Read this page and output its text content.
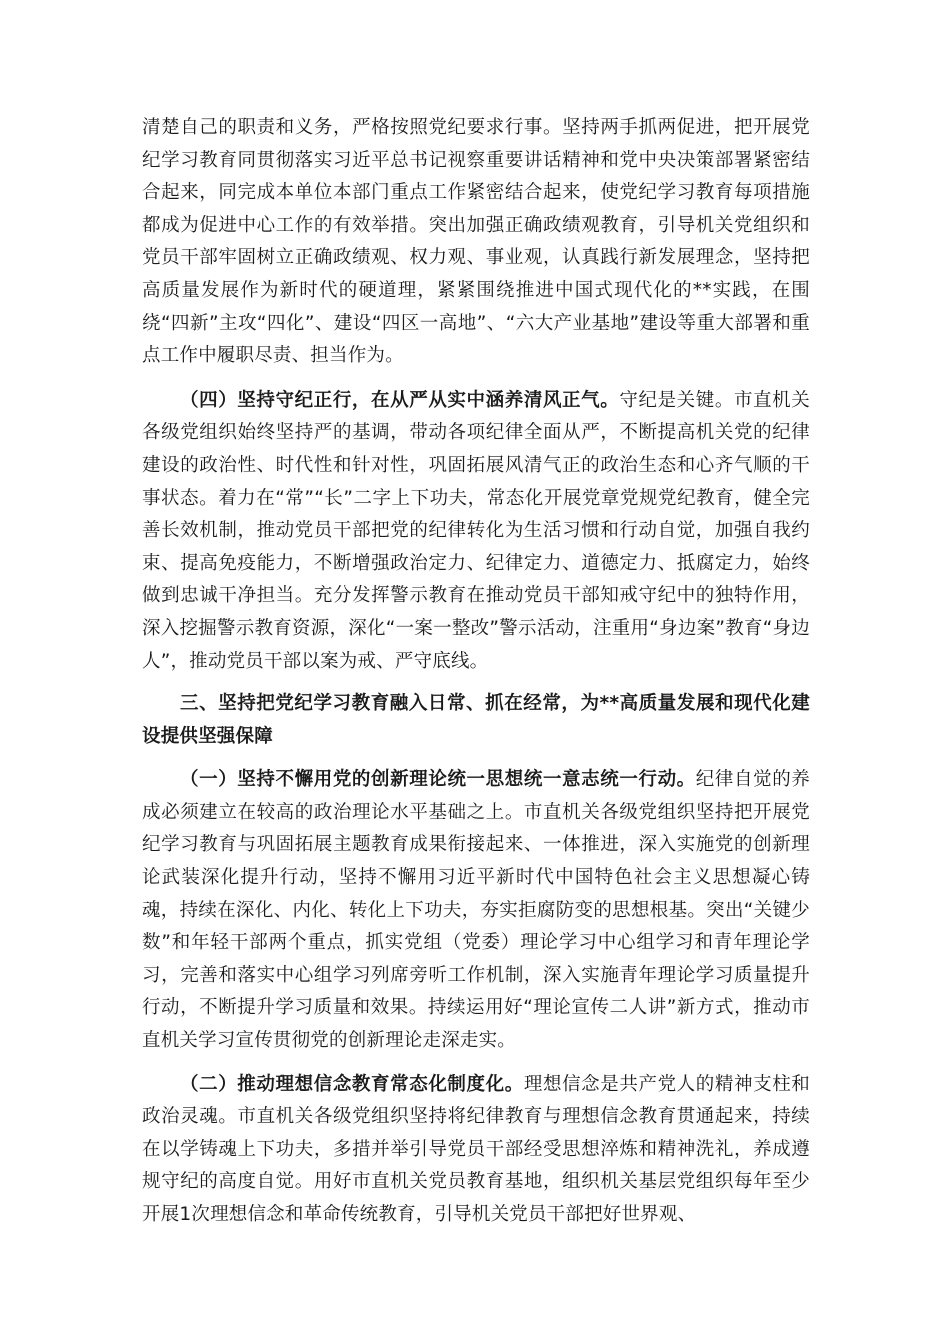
清楚自己的职责和义务，严格按照党纪要求行事。坚持两手抓两促进，把开展党纪学习教育同贯彻落实习近平总书记视察重要讲话精神和党中央决策部署紧密结合起来，同完成本单位本部门重点工作紧密结合起来，使党纪学习教育每项措施都成为促进中心工作的有效举措。突出加强正确政绩观教育，引导机关党组织和党员干部牢固树立正确政绩观、权力观、事业观，认真践行新发展理念，坚持把高质量发展作为新时代的硬道理，紧紧围绕推进中国式现代化的**实践，在围绕“四新”主攻“四化”、建设“四区一高地”、“六大产业基地”建设等重大部署和重点工作中履职尽责、担当作为。

（四）坚持守纪正行，在从严从实中涵养清风正气。守纪是关键。市直机关各级党组织始终坚持严的基调，带动各项纪律全面从严，不断提高机关党的纪律建设的政治性、时代性和针对性，巩固拓展风清气正的政治生态和心齐气顺的干事状态。着力在“常”“长”二字上下功夫，常态化开展党章党规党纪教育，健全完善长效机制，推动党员干部把党的纪律转化为生活习惯和行动自觉，加强自我约束、提高免疫能力，不断增强政治定力、纪律定力、道德定力、抵腐定力，始终做到忠诚干净担当。充分发挥警示教育在推动党员干部知戒守纪中的独特作用，深入挖掘警示教育资源，深化“一案一整改”警示活动，注重用“身边案”教育“身边人”，推动党员干部以案为戒、严守底线。

三、坚持把党纪学习教育融入日常、抓在经常，为**高质量发展和现代化建设提供坚强保障

（一）坚持不懈用党的创新理论统一思想统一意志统一行动。纪律自觉的养成必须建立在较高的政治理论水平基础之上。市直机关各级党组织坚持把开展党纪学习教育与巩固拓展主题教育成果衔接起来、一体推进，深入实施党的创新理论武装深化提升行动，坚持不懈用习近平新时代中国特色社会主义思想凝心铸魂，持续在深化、内化、转化上下功夫，夯实拒腐防变的思想根基。突出“关键少数”和年轻干部两个重点，抓实党组（党委）理论学习中心组学习和青年理论学习，完善和落实中心组学习列席旁听工作机制，深入实施青年理论学习质量提升行动，不断提升学习质量和效果。持续运用好“理论宣传二人讲”新方式，推动市直机关学习宣传贯彻党的创新理论走深走实。

（二）推动理想信念教育常态化制度化。理想信念是共产党人的精神支柱和政治灵魂。市直机关各级党组织坚持将纪律教育与理想信念教育贯通起来，持续在以学铸魂上下功夫，多措并举引导党员干部经受思想淬炼和精神洗礼，养成遵规守纪的高度自觉。用好市直机关党员教育基地，组织机关基层党组织每年至少开展1次理想信念和革命传统教育，引导机关党员干部把好世界观、
